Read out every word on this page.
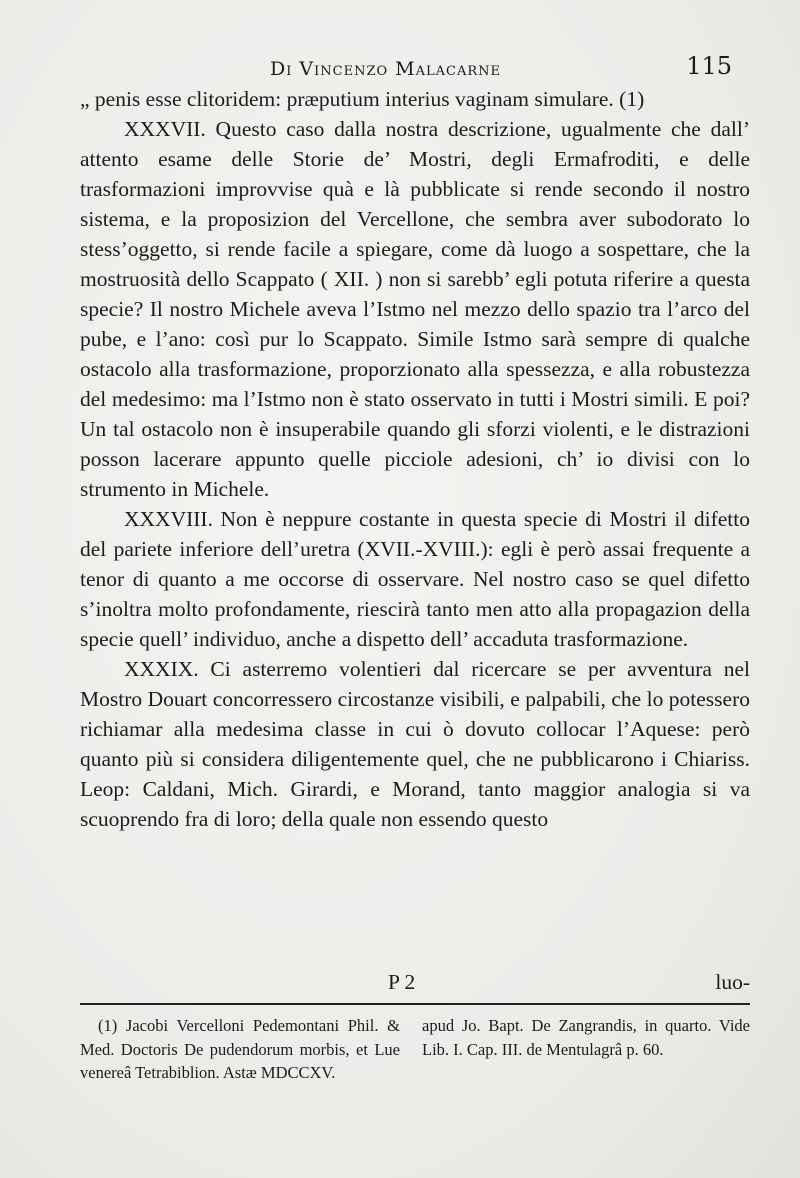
Di Vincenzo Malacarne	115

„ penis esse clitoridem: præputium interius vaginam simulare. (1)

XXXVII. Questo caso dalla nostra descrizione, ugualmente che dall’ attento esame delle Storie de’ Mostri, degli Ermafroditi, e delle trasformazioni improvvise quà e là pubblicate si rende secondo il nostro sistema, e la proposizion del Vercellone, che sembra aver subodorato lo stess’oggetto, si rende facile a spiegare, come dà luogo a sospettare, che la mostruosità dello Scappato ( XII. ) non si sarebb’ egli potuta riferire a questa specie? Il nostro Michele aveva l’Istmo nel mezzo dello spazio tra l’arco del pube, e l’ano: così pur lo Scappato. Simile Istmo sarà sempre di qualche ostacolo alla trasformazione, proporzionato alla spessezza, e alla robustezza del medesimo: ma l’Istmo non è stato osservato in tutti i Mostri simili. E poi? Un tal ostacolo non è insuperabile quando gli sforzi violenti, e le distrazioni posson lacerare appunto quelle picciole adesioni, ch’ io divisi con lo strumento in Michele.

XXXVIII. Non è neppure costante in questa specie di Mostri il difetto del pariete inferiore dell’uretra (XVII.-XVIII.): egli è però assai frequente a tenor di quanto a me occorse di osservare. Nel nostro caso se quel difetto s’inoltra molto profondamente, riescirà tanto men atto alla propagazion della specie quell’ individuo, anche a dispetto dell’ accaduta trasformazione.

XXXIX. Ci asterremo volentieri dal ricercare se per avventura nel Mostro Douart concorressero circostanze visibili, e palpabili, che lo potessero richiamar alla medesima classe in cui ò dovuto collocar l’Aquese: però quanto più si considera diligentemente quel, che ne pubblicarono i Chiariss. Leop: Caldani, Mich. Girardi, e Morand, tanto maggior analogia si va scuoprendo fra di loro; della quale non essendo questo

P 2	luo-

(1) Jacobi Vercelloni Pedemontani Phil. & Med. Doctoris De pudendorum morbis, et Lue venereâ Tetrabiblion. Astæ MDCCXV.

apud Jo. Bapt. De Zangrandis, in quarto. Vide Lib. I. Cap. III. de Mentulagrâ p. 60.
